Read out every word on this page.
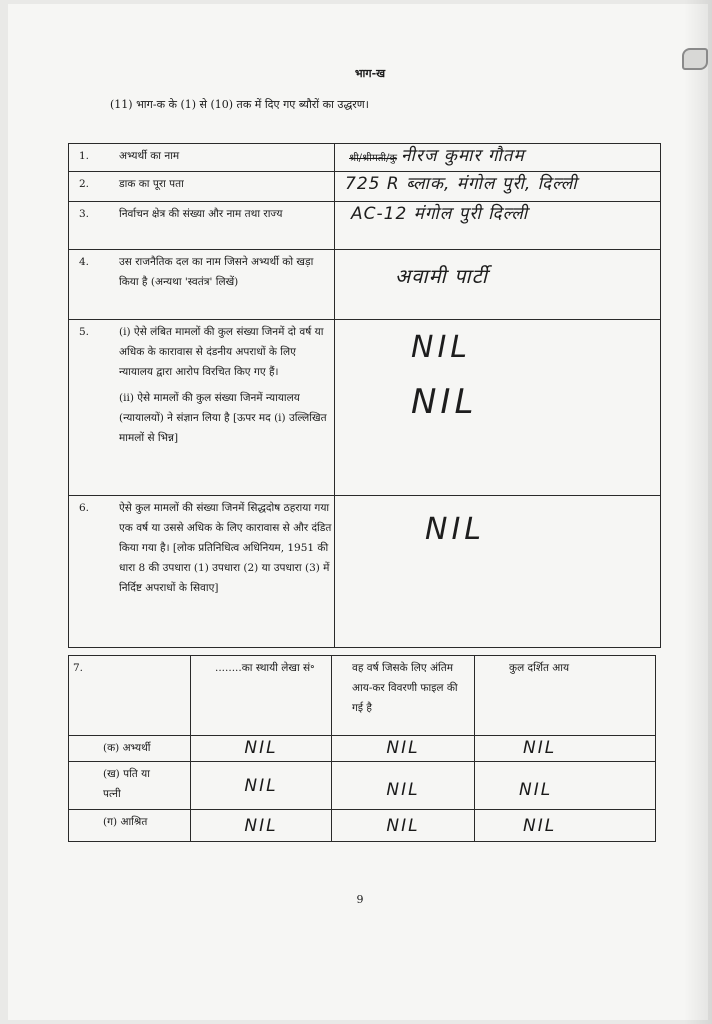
भाग-ख
(11) भाग-क के (1) से (10) तक में दिए गए ब्यौरों का उद्धरण।
1. अभ्यर्थी का नाम	श्री/श्रीमती/कु नीरज कुमार गौतम
2. डाक का पूरा पता	725 R ब्लाक, मंगोल पुरी, दिल्ली
3. निर्वाचन क्षेत्र की संख्या और नाम तथा राज्य	AC-12 मंगोल पुरी दिल्ली
4. उस राजनैतिक दल का नाम जिसने अभ्यर्थी को खड़ा किया है (अन्यथा 'स्वतंत्र' लिखें)	अवामी पार्टी
5. (i) ऐसे लंबित मामलों की कुल संख्या जिनमें दो वर्ष या अधिक के कारावास से दंडनीय अपराधों के लिए न्यायालय द्वारा आरोप विरचित किए गए हैं। (ii) ऐसे मामलों की कुल संख्या जिनमें न्यायालय (न्यायालयों) ने संज्ञान लिया है [ऊपर मद (i) उल्लिखित मामलों से भिन्न]	NIL
NIL

6. ऐसे कुल मामलों की संख्या जिनमें सिद्धदोष ठहराया गया एक वर्ष या उससे अधिक के लिए कारावास से और दंडित किया गया है। [लोक प्रतिनिधित्व अधिनियम, 1951 की धारा 8 की उपधारा (1) उपधारा (2) या उपधारा (3) में निर्दिष्ट अपराधों के सिवाए]	NIL
7.	........का स्थायी लेखा सं॰	वह वर्ष जिसके लिए अंतिम आय-कर विवरणी फाइल की गई है	कुल दर्शित आय
(क) अभ्यर्थी	NIL	NIL	NIL

(ख) पति या पत्नी	NIL	NIL	NIL

(ग) आश्रित	NIL	NIL	NIL
9
